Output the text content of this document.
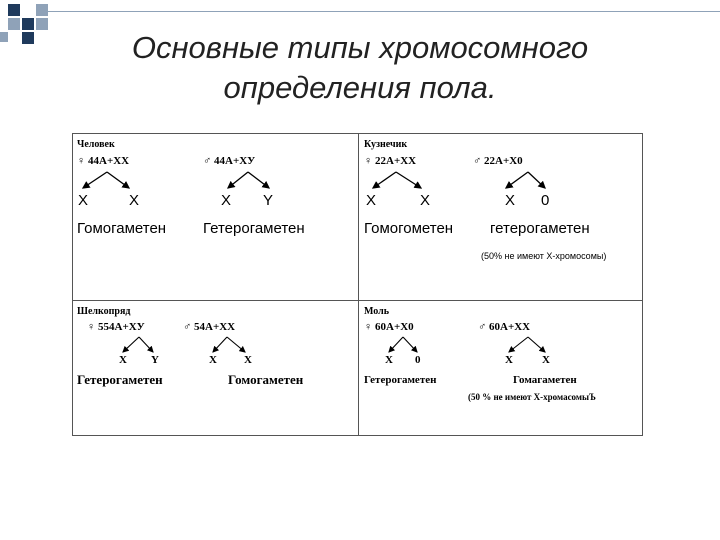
Основные типы хромосомного
определения пола.
Человек
♀ 44А+ХХ	♂ 44А+ХУ
X	X	X Y
Гомогаметен Гетерогаметен
Кузнечик
♀ 22А+ХХ	♂ 22А+Х0
X	X	X 0
Гомогометен гетерогаметен
(50% не имеют Х-хромосомы)
Шелкопряд
♀ 554А+ХУ	♂ 54А+ХХ
X Y	X X
Гетерогаметен	Гомогаметен
Моль
♀ 60А+Х0	♂ 60А+ХХ
X 0	X	X
Гетерогаметен	Гомагаметен
(50 % не имеют Х-хромасомыЪ
